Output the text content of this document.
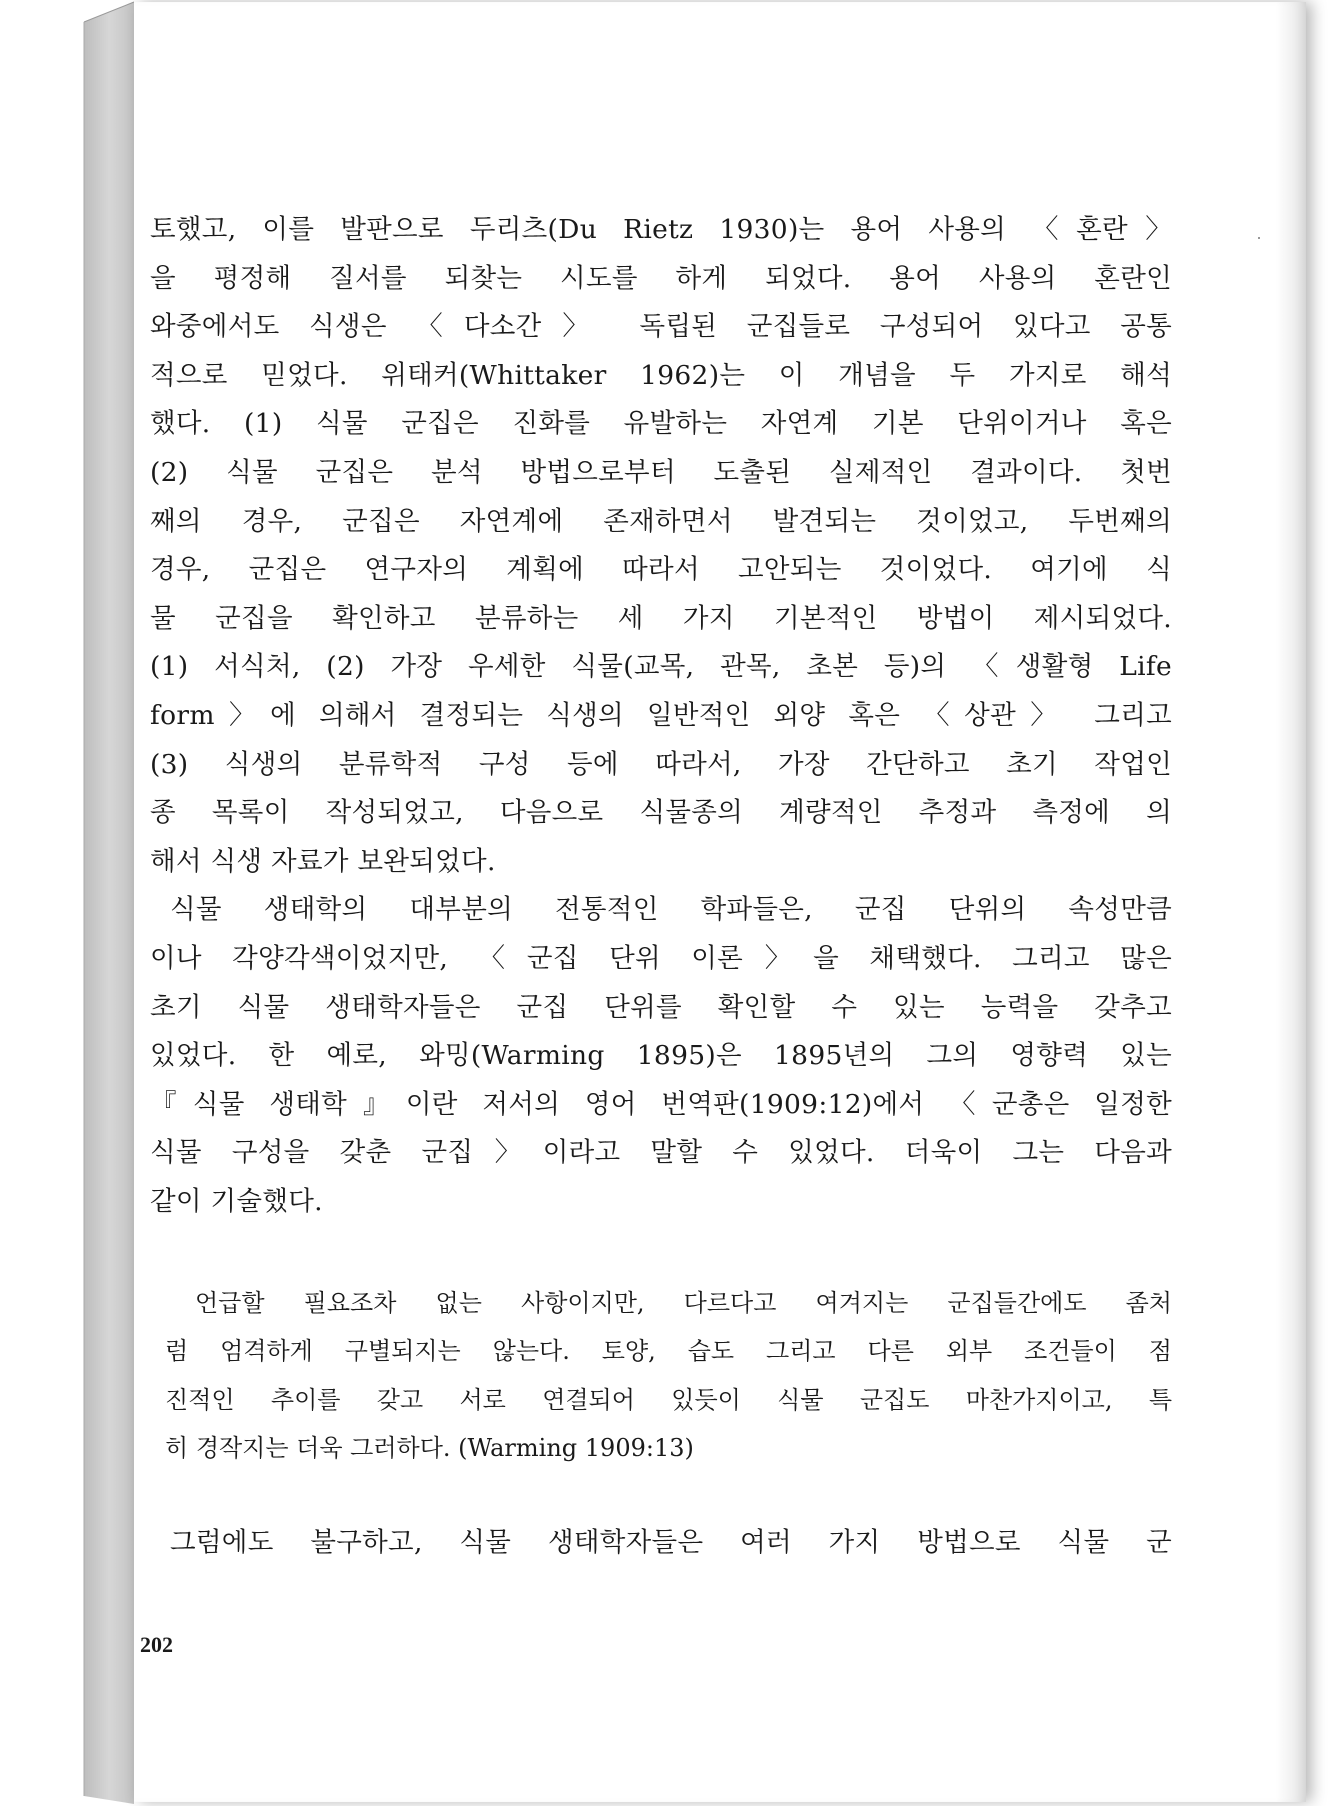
토했고, 이를 발판으로 두리츠(Du Rietz 1930)는 용어 사용의 〈혼란〉
을 평정해 질서를 되찾는 시도를 하게 되었다. 용어 사용의 혼란인
와중에서도 식생은 〈다소간〉 독립된 군집들로 구성되어 있다고 공통
적으로 믿었다. 위태커(Whittaker 1962)는 이 개념을 두 가지로 해석
했다. (1) 식물 군집은 진화를 유발하는 자연계 기본 단위이거나 혹은
(2) 식물 군집은 분석 방법으로부터 도출된 실제적인 결과이다. 첫번
째의 경우, 군집은 자연계에 존재하면서 발견되는 것이었고, 두번째의
경우, 군집은 연구자의 계획에 따라서 고안되는 것이었다. 여기에 식
물 군집을 확인하고 분류하는 세 가지 기본적인 방법이 제시되었다.
(1) 서식처, (2) 가장 우세한 식물(교목, 관목, 초본 등)의 〈생활형 Life
form〉에 의해서 결정되는 식생의 일반적인 외양 혹은 〈상관〉 그리고
(3) 식생의 분류학적 구성 등에 따라서, 가장 간단하고 초기 작업인
종 목록이 작성되었고, 다음으로 식물종의 계량적인 추정과 측정에 의
해서 식생 자료가 보완되었다.
식물 생태학의 대부분의 전통적인 학파들은, 군집 단위의 속성만큼
이나 각양각색이었지만, 〈군집 단위 이론〉을 채택했다. 그리고 많은
초기 식물 생태학자들은 군집 단위를 확인할 수 있는 능력을 갖추고
있었다. 한 예로, 와밍(Warming 1895)은 1895년의 그의 영향력 있는
『식물 생태학』이란 저서의 영어 번역판(1909:12)에서 〈군총은 일정한
식물 구성을 갖춘 군집〉이라고 말할 수 있었다. 더욱이 그는 다음과
같이 기술했다.
언급할 필요조차 없는 사항이지만, 다르다고 여겨지는 군집들간에도 좀처
럼 엄격하게 구별되지는 않는다. 토양, 습도 그리고 다른 외부 조건들이 점
진적인 추이를 갖고 서로 연결되어 있듯이 식물 군집도 마찬가지이고, 특
히 경작지는 더욱 그러하다. (Warming 1909:13)
그럼에도 불구하고, 식물 생태학자들은 여러 가지 방법으로 식물 군
202
